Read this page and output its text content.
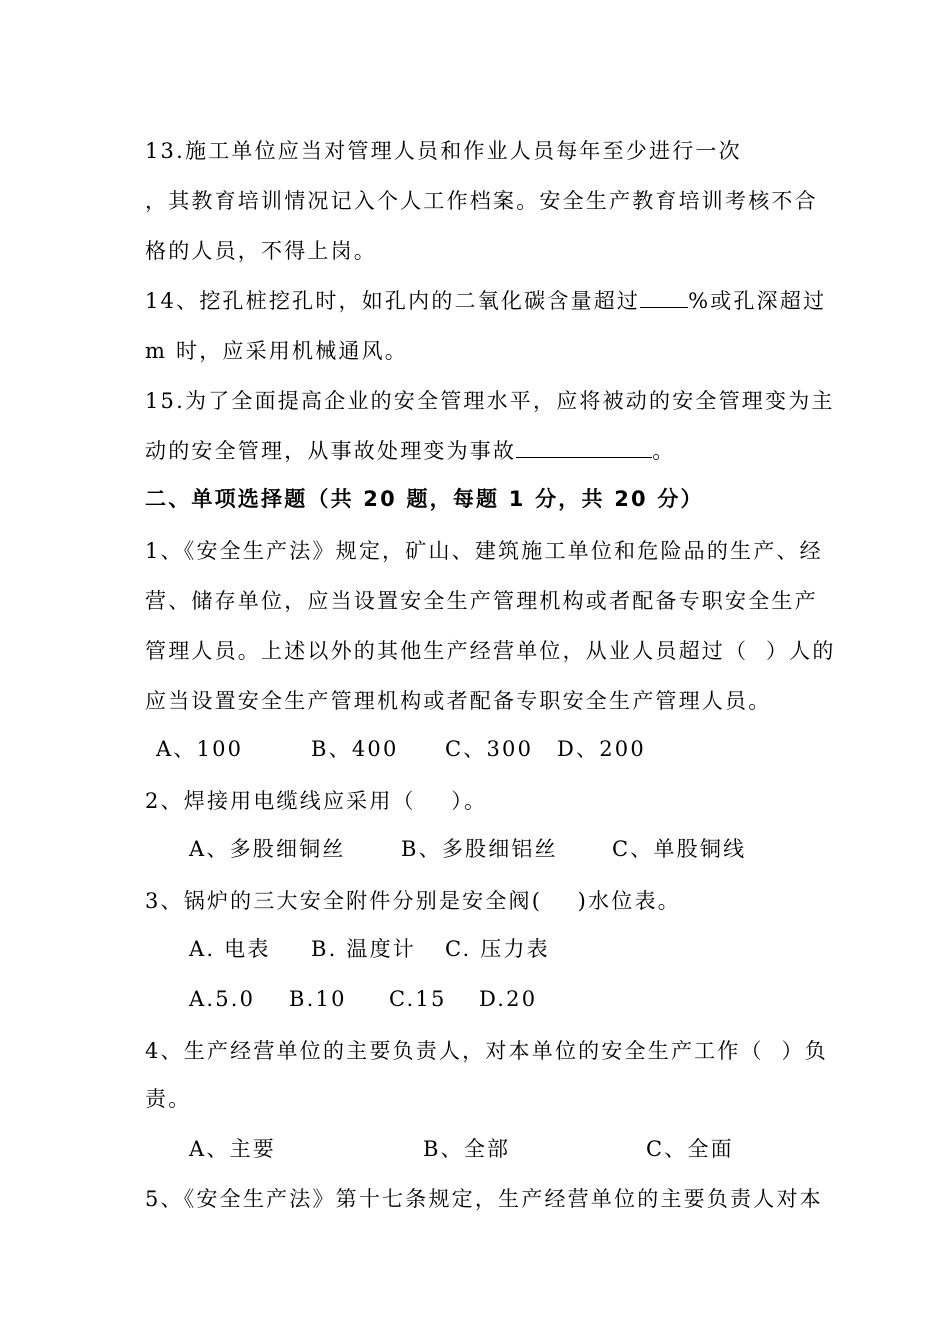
13.施工单位应当对管理人员和作业人员每年至少进行一次
，其教育培训情况记入个人工作档案。安全生产教育培训考核不合
格的人员，不得上岗。
14、挖孔桩挖孔时，如孔内的二氧化碳含量超过 %或孔深超过
m 时，应采用机械通风。
15.为了全面提高企业的安全管理水平，应将被动的安全管理变为主
动的安全管理，从事故处理变为事故	。
二、单项选择题（共 20 题，每题 1 分，共 20 分）
1、《安全生产法》规定，矿山、建筑施工单位和危险品的生产、经
营、储存单位，应当设置安全生产管理机构或者配备专职安全生产
管理人员。上述以外的其他生产经营单位，从业人员超过（  ）人的
应当设置安全生产管理机构或者配备专职安全生产管理人员。
A、100	B、400 C、300 D、200
2、焊接用电缆线应采用（    ）。
A、多股细铜丝	B、多股细铝丝	C、单股铜线
3、锅炉的三大安全附件分别是安全阀(    )水位表。
A. 电表 B. 温度计 C. 压力表
A.5.0 B.10 C.15 D.20
4、生产经营单位的主要负责人，对本单位的安全生产工作（  ）负
责。
A、主要	B、全部	C、全面
5、《安全生产法》第十七条规定，生产经营单位的主要负责人对本
